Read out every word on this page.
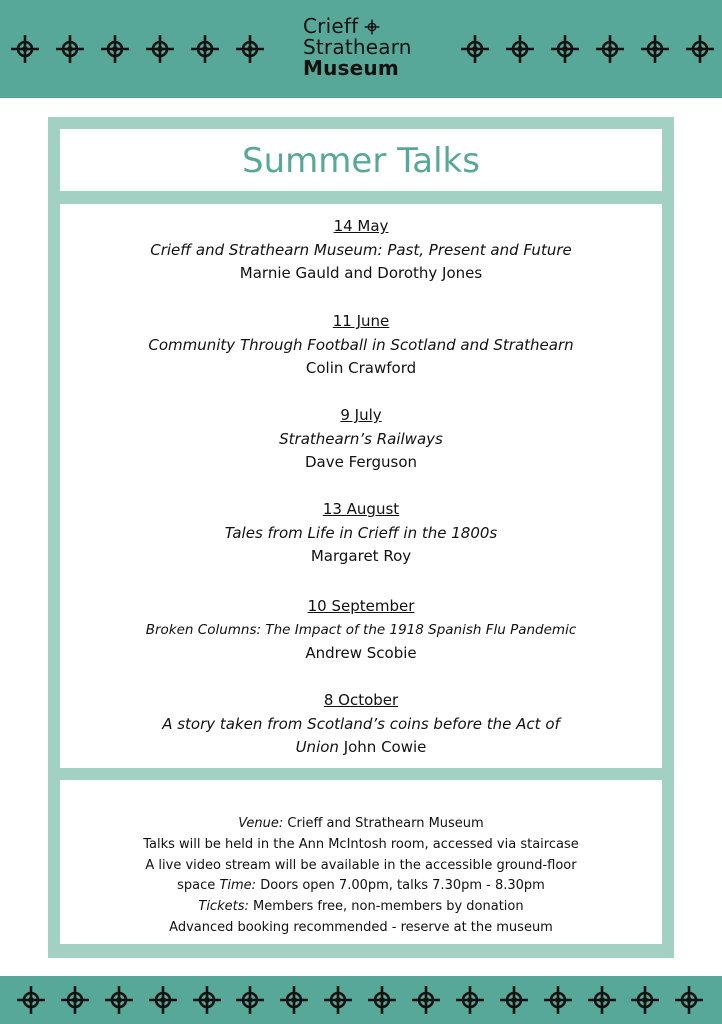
Crieff
Strathearn
Museum
Summer Talks
14 May
Crieff and Strathearn Museum: Past, Present and Future
Marnie Gauld and Dorothy Jones
11 June
Community Through Football in Scotland and Strathearn
Colin Crawford
9 July
Strathearn’s Railways
Dave Ferguson
13 August
Tales from Life in Crieff in the 1800s
Margaret Roy
10 September
Broken Columns: The Impact of the 1918 Spanish Flu Pandemic
Andrew Scobie
8 October
A story taken from Scotland’s coins before the Act of
Union John Cowie
Venue: Crieff and Strathearn Museum
Talks will be held in the Ann McIntosh room, accessed via staircase
A live video stream will be available in the accessible ground-floor
space Time: Doors open 7.00pm, talks 7.30pm - 8.30pm
Tickets: Members free, non-members by donation
Advanced booking recommended - reserve at the museum
